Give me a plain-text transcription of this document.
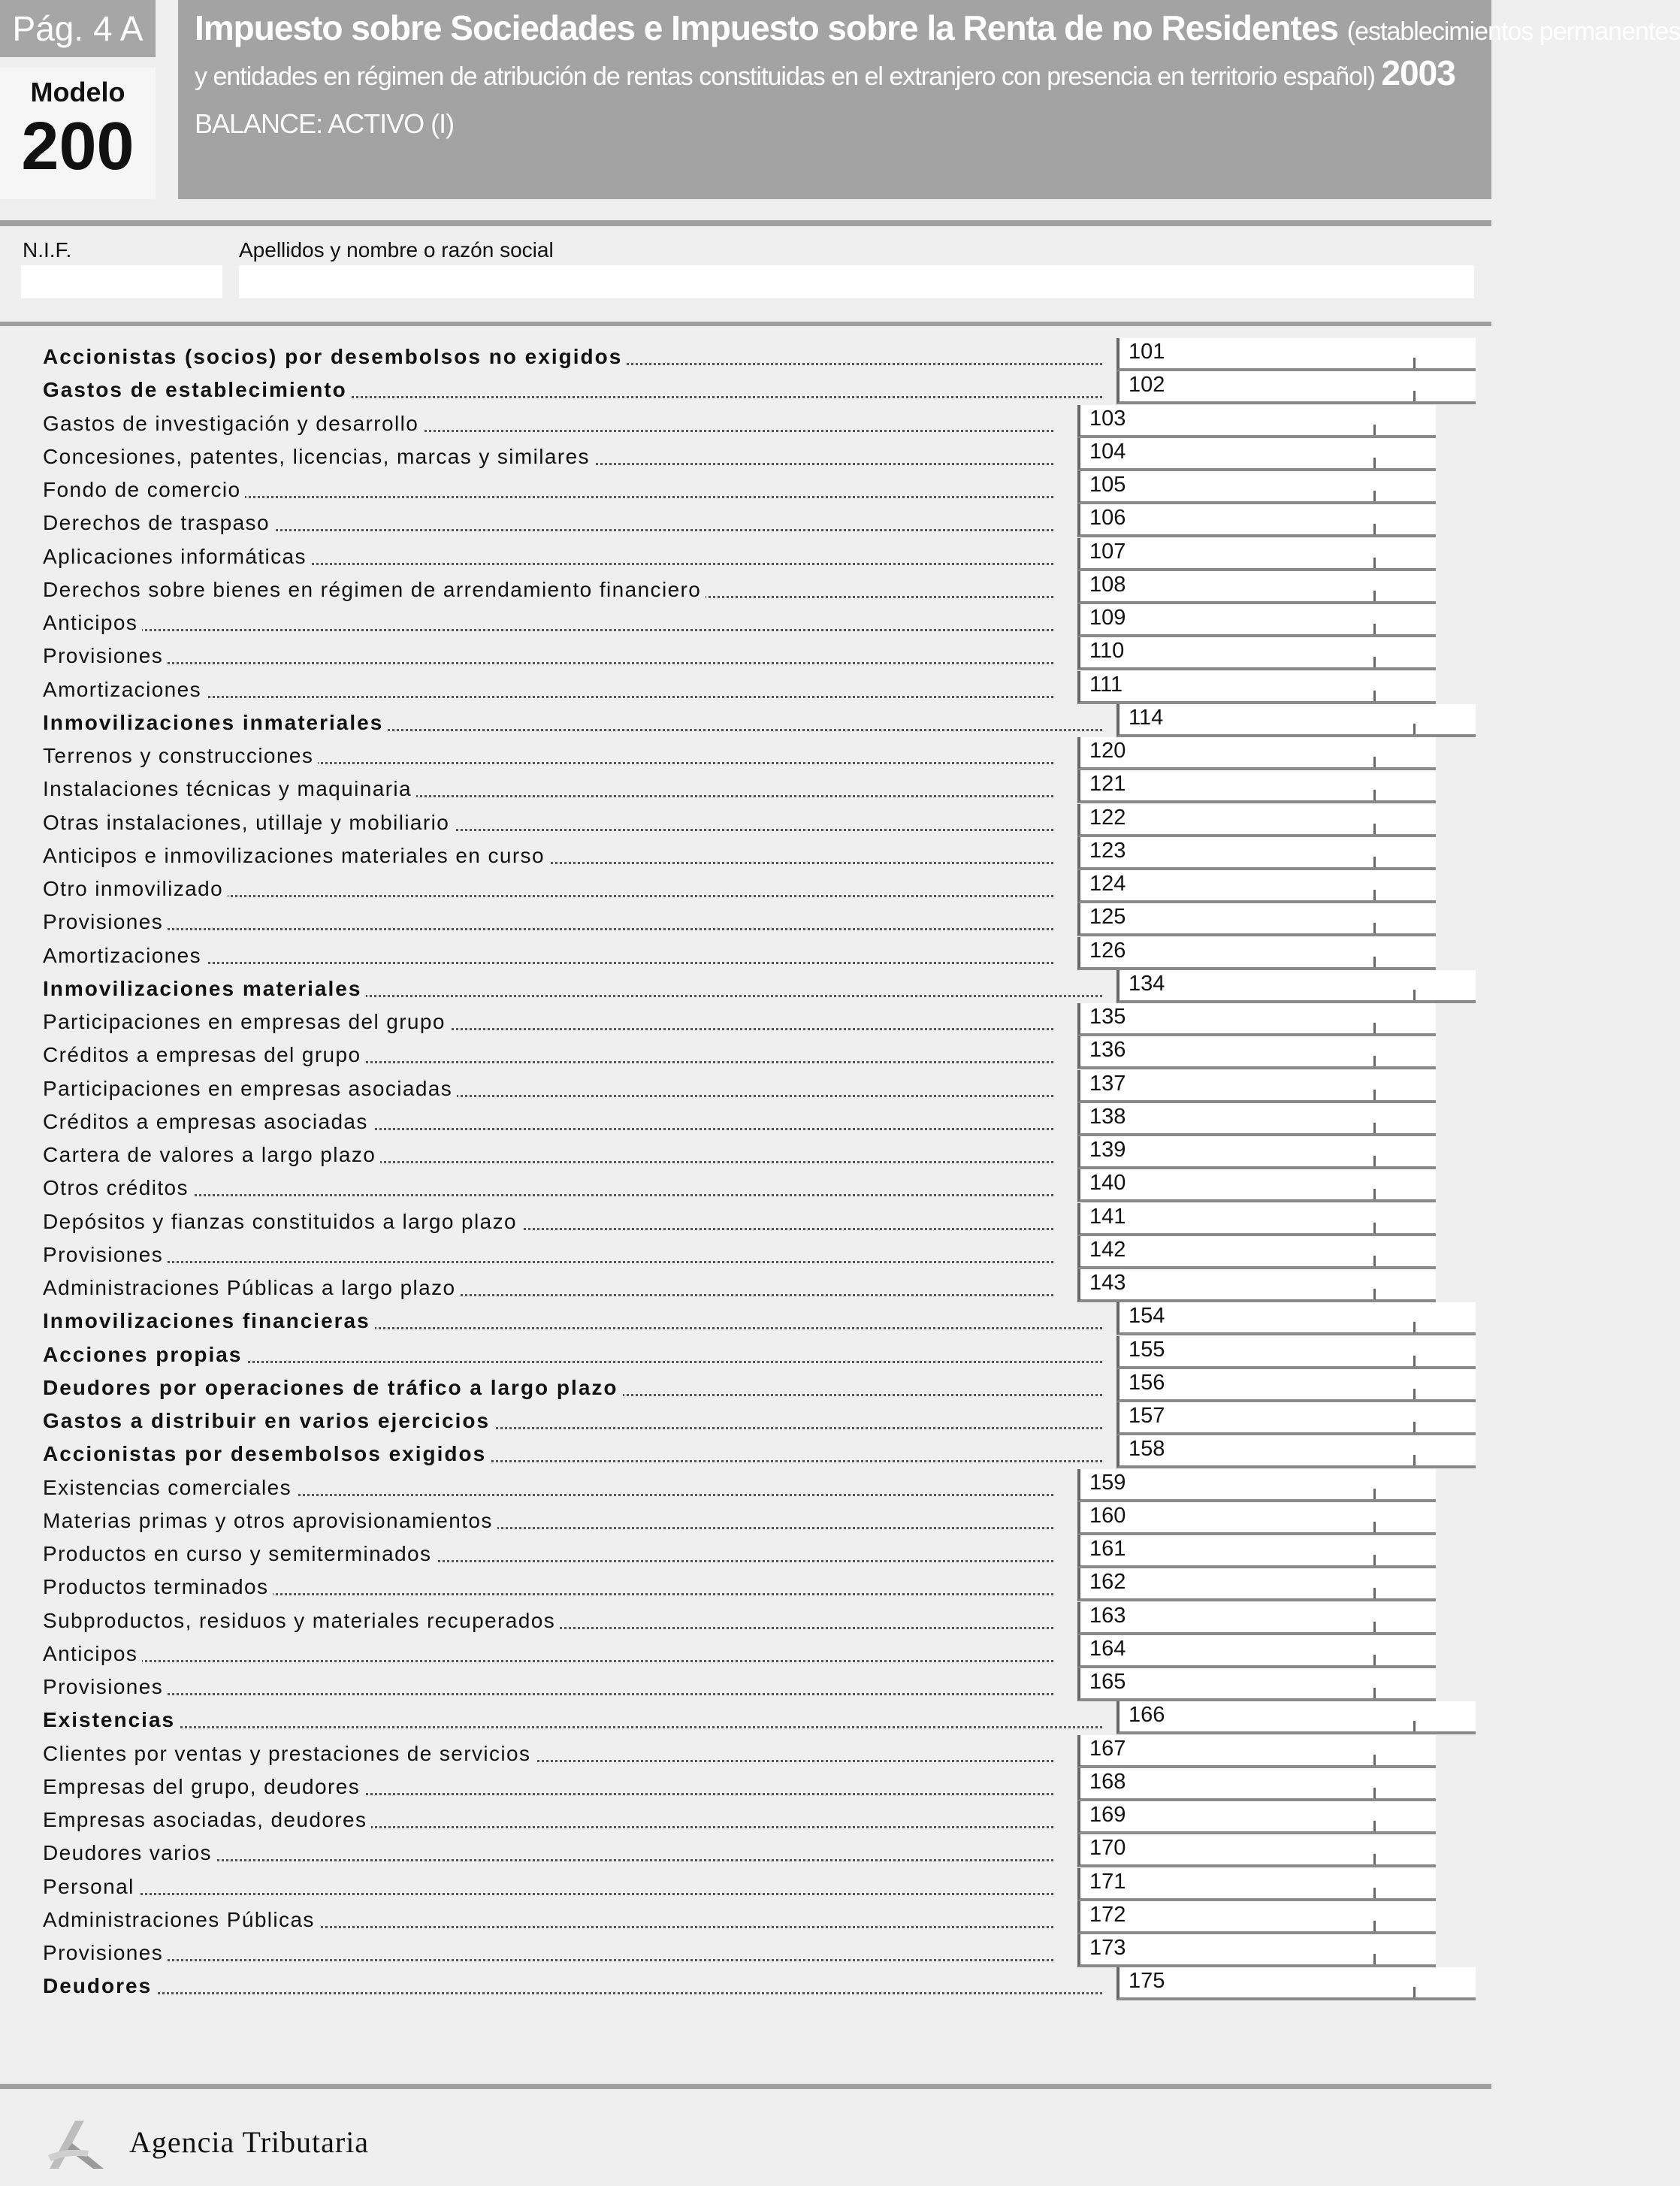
Pág. 4 A
Modelo
200
Impuesto sobre Sociedades e Impuesto sobre la Renta de no Residentes (establecimientos permanentes
y entidades en régimen de atribución de rentas constituidas en el extranjero con presencia en territorio español) 2003
BALANCE: ACTIVO (I)
N.I.F.	Apellidos y nombre o razón social
Accionistas (socios) por desembolsos no exigidos	101
Gastos de establecimiento	102
Gastos de investigación y desarrollo	103
Concesiones, patentes, licencias, marcas y similares	104
Fondo de comercio	105
Derechos de traspaso	106
Aplicaciones informáticas	107
Derechos sobre bienes en régimen de arrendamiento financiero	108
Anticipos	109
Provisiones	110
Amortizaciones	111
Inmovilizaciones inmateriales	114
Terrenos y construcciones	120
Instalaciones técnicas y maquinaria	121
Otras instalaciones, utillaje y mobiliario	122
Anticipos e inmovilizaciones materiales en curso	123
Otro inmovilizado	124
Provisiones	125
Amortizaciones	126
Inmovilizaciones materiales	134
Participaciones en empresas del grupo	135
Créditos a empresas del grupo	136
Participaciones en empresas asociadas	137
Créditos a empresas asociadas	138
Cartera de valores a largo plazo	139
Otros créditos	140
Depósitos y fianzas constituidos a largo plazo	141
Provisiones	142
Administraciones Públicas a largo plazo	143
Inmovilizaciones financieras	154
Acciones propias	155
Deudores por operaciones de tráfico a largo plazo	156
Gastos a distribuir en varios ejercicios	157
Accionistas por desembolsos exigidos	158
Existencias comerciales	159
Materias primas y otros aprovisionamientos	160
Productos en curso y semiterminados	161
Productos terminados	162
Subproductos, residuos y materiales recuperados	163
Anticipos	164
Provisiones	165
Existencias	166
Clientes por ventas y prestaciones de servicios	167
Empresas del grupo, deudores	168
Empresas asociadas, deudores	169
Deudores varios	170
Personal	171
Administraciones Públicas	172
Provisiones	173
Deudores	175
Agencia Tributaria
